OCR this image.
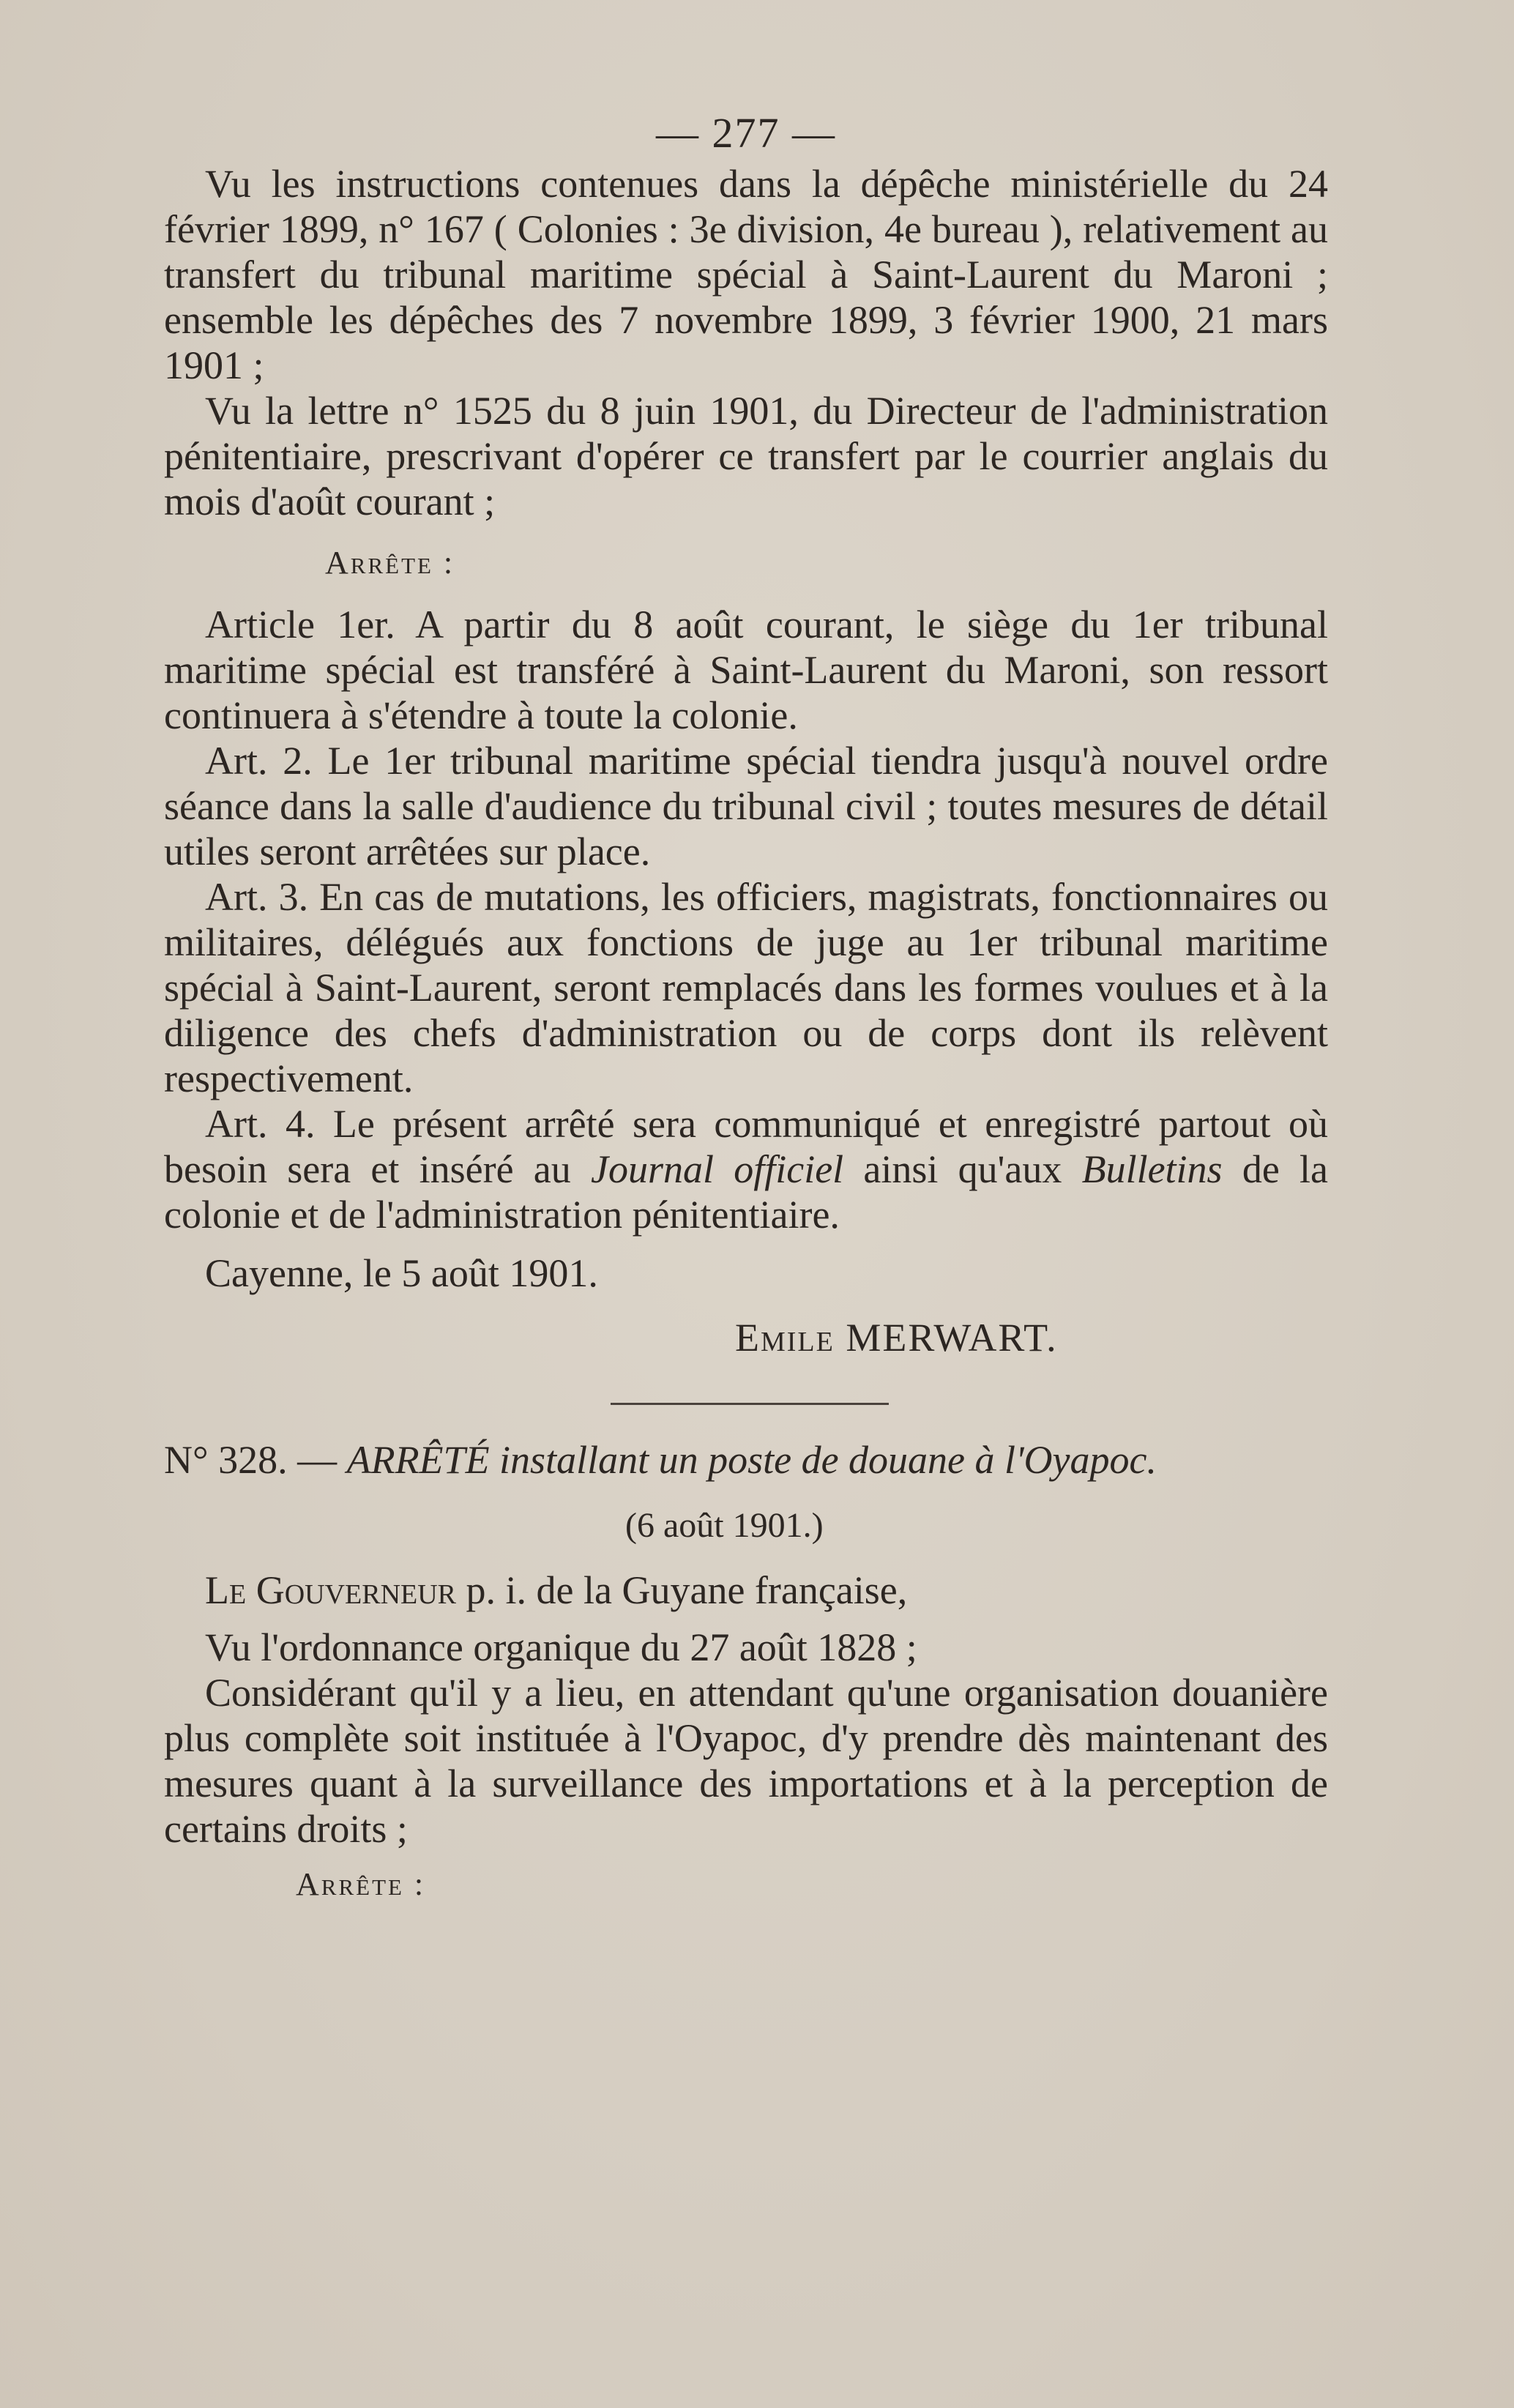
— 277 —

Vu les instructions contenues dans la dépêche ministérielle du 24 février 1899, n° 167 ( Colonies : 3e division, 4e bureau ), relativement au transfert du tribunal maritime spécial à Saint-Laurent du Maroni ; ensemble les dépêches des 7 novembre 1899, 3 février 1900, 21 mars 1901 ;

Vu la lettre n° 1525 du 8 juin 1901, du Directeur de l'administration pénitentiaire, prescrivant d'opérer ce transfert par le courrier anglais du mois d'août courant ;

Arrête :

Article 1er. A partir du 8 août courant, le siège du 1er tribunal maritime spécial est transféré à Saint-Laurent du Maroni, son ressort continuera à s'étendre à toute la colonie.

Art. 2. Le 1er tribunal maritime spécial tiendra jusqu'à nouvel ordre séance dans la salle d'audience du tribunal civil ; toutes mesures de détail utiles seront arrêtées sur place.

Art. 3. En cas de mutations, les officiers, magistrats, fonctionnaires ou militaires, délégués aux fonctions de juge au 1er tribunal maritime spécial à Saint-Laurent, seront remplacés dans les formes voulues et à la diligence des chefs d'administration ou de corps dont ils relèvent respectivement.

Art. 4. Le présent arrêté sera communiqué et enregistré partout où besoin sera et inséré au Journal officiel ainsi qu'aux Bulletins de la colonie et de l'administration pénitentiaire.

Cayenne, le 5 août 1901.

Emile MERWART.

N° 328. — ARRÊTÉ installant un poste de douane à l'Oyapoc.

(6 août 1901.)

Le Gouverneur p. i. de la Guyane française,

Vu l'ordonnance organique du 27 août 1828 ;

Considérant qu'il y a lieu, en attendant qu'une organisation douanière plus complète soit instituée à l'Oyapoc, d'y prendre dès maintenant des mesures quant à la surveillance des importations et à la perception de certains droits ;

Arrête :
